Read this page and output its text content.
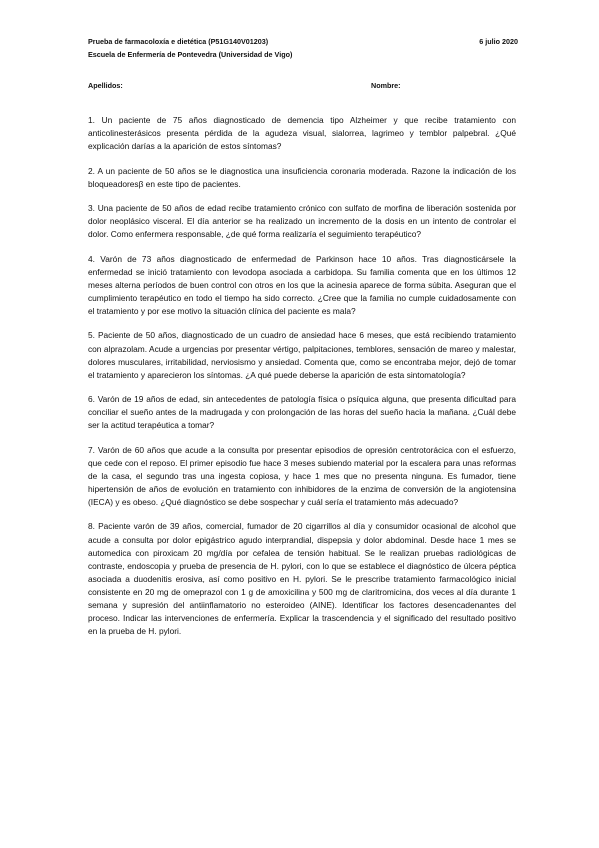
Prueba de farmacoloxía e dietética (P51G140V01203)	6 julio 2020
Escuela de Enfermería de Pontevedra (Universidad de Vigo)
Apellidos:	Nombre:

1. Un paciente de 75 años diagnosticado de demencia tipo Alzheimer y que recibe tratamiento con anticolinesterásicos presenta pérdida de la agudeza visual, sialorrea, lagrimeo y temblor palpebral. ¿Qué explicación darías a la aparición de estos síntomas?

2. A un paciente de 50 años se le diagnostica una insuficiencia coronaria moderada. Razone la indicación de los bloqueadoresβ en este tipo de pacientes.

3. Una paciente de 50 años de edad recibe tratamiento crónico con sulfato de morfina de liberación sostenida por dolor neoplásico visceral. El día anterior se ha realizado un incremento de la dosis en un intento de controlar el dolor. Como enfermera responsable, ¿de qué forma realizaría el seguimiento terapéutico?

4. Varón de 73 años diagnosticado de enfermedad de Parkinson hace 10 años. Tras diagnosticársele la enfermedad se inició tratamiento con levodopa asociada a carbidopa. Su familia comenta que en los últimos 12 meses alterna períodos de buen control con otros en los que la acinesia aparece de forma súbita. Aseguran que el cumplimiento terapéutico en todo el tiempo ha sido correcto. ¿Cree que la familia no cumple cuidadosamente con el tratamiento y por ese motivo la situación clínica del paciente es mala?

5. Paciente de 50 años, diagnosticado de un cuadro de ansiedad hace 6 meses, que está recibiendo tratamiento con alprazolam. Acude a urgencias por presentar vértigo, palpitaciones, temblores, sensación de mareo y malestar, dolores musculares, irritabilidad, nerviosismo y ansiedad. Comenta que, como se encontraba mejor, dejó de tomar el tratamiento y aparecieron los síntomas. ¿A qué puede deberse la aparición de esta sintomatología?

6. Varón de 19 años de edad, sin antecedentes de patología física o psíquica alguna, que presenta dificultad para conciliar el sueño antes de la madrugada y con prolongación de las horas del sueño hacia la mañana. ¿Cuál debe ser la actitud terapéutica a tomar?

7. Varón de 60 años que acude a la consulta por presentar episodios de opresión centrotorácica con el esfuerzo, que cede con el reposo. El primer episodio fue hace 3 meses subiendo material por la escalera para unas reformas de la casa, el segundo tras una ingesta copiosa, y hace 1 mes que no presenta ninguna. Es fumador, tiene hipertensión de años de evolución en tratamiento con inhibidores de la enzima de conversión de la angiotensina (IECA) y es obeso. ¿Qué diagnóstico se debe sospechar y cuál sería el tratamiento más adecuado?

8. Paciente varón de 39 años, comercial, fumador de 20 cigarrillos al día y consumidor ocasional de alcohol que acude a consulta por dolor epigástrico agudo interprandial, dispepsia y dolor abdominal. Desde hace 1 mes se automedica con piroxicam 20 mg/día por cefalea de tensión habitual. Se le realizan pruebas radiológicas de contraste, endoscopia y prueba de presencia de H. pylori, con lo que se establece el diagnóstico de úlcera péptica asociada a duodenitis erosiva, así como positivo en H. pylori. Se le prescribe tratamiento farmacológico inicial consistente en 20 mg de omeprazol con 1 g de amoxicilina y 500 mg de claritromicina, dos veces al día durante 1 semana y supresión del antiinflamatorio no esteroideo (AINE). Identificar los factores desencadenantes del proceso. Indicar las intervenciones de enfermería. Explicar la trascendencia y el significado del resultado positivo en la prueba de H. pylori.
